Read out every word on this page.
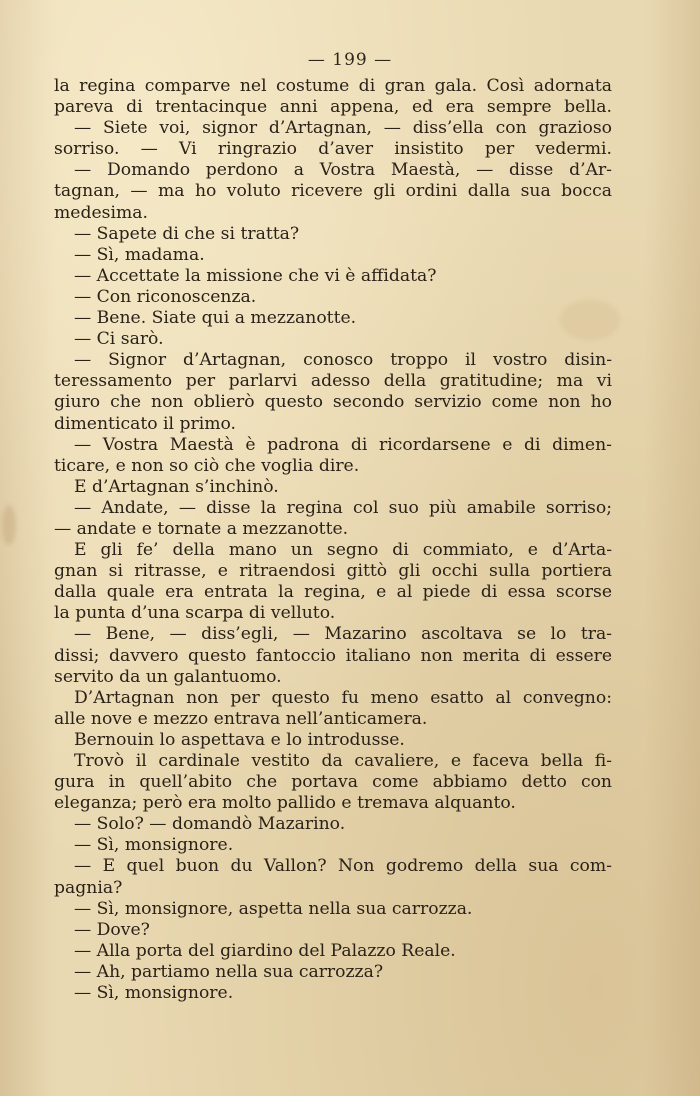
— 199 —
la regina comparve nel costume di gran gala. Così adornata
pareva di trentacinque anni appena, ed era sempre bella.
— Siete voi, signor d’Artagnan, — diss’ella con grazioso
sorriso. — Vi ringrazio d’aver insistito per vedermi.
— Domando perdono a Vostra Maestà, — disse d’Ar-
tagnan, — ma ho voluto ricevere gli ordini dalla sua bocca
medesima.
— Sapete di che si tratta?
— Sì, madama.
— Accettate la missione che vi è affidata?
— Con riconoscenza.
— Bene. Siate qui a mezzanotte.
— Ci sarò.
— Signor d’Artagnan, conosco troppo il vostro disin-
teressamento per parlarvi adesso della gratitudine; ma vi
giuro che non oblierò questo secondo servizio come non ho
dimenticato il primo.
— Vostra Maestà è padrona di ricordarsene e di dimen-
ticare, e non so ciò che voglia dire.
E d’Artagnan s’inchinò.
— Andate, — disse la regina col suo più amabile sorriso;
— andate e tornate a mezzanotte.
E gli fe’ della mano un segno di commiato, e d’Arta-
gnan si ritrasse, e ritraendosi gittò gli occhi sulla portiera
dalla quale era entrata la regina, e al piede di essa scorse
la punta d’una scarpa di velluto.
— Bene, — diss’egli, — Mazarino ascoltava se lo tra-
dissi; davvero questo fantoccio italiano non merita di essere
servito da un galantuomo.
D’Artagnan non per questo fu meno esatto al convegno:
alle nove e mezzo entrava nell’anticamera.
Bernouin lo aspettava e lo introdusse.
Trovò il cardinale vestito da cavaliere, e faceva bella fi-
gura in quell’abito che portava come abbiamo detto con
eleganza; però era molto pallido e tremava alquanto.
— Solo? — domandò Mazarino.
— Sì, monsignore.
— E quel buon du Vallon? Non godremo della sua com-
pagnia?
— Sì, monsignore, aspetta nella sua carrozza.
— Dove?
— Alla porta del giardino del Palazzo Reale.
— Ah, partiamo nella sua carrozza?
— Sì, monsignore.
